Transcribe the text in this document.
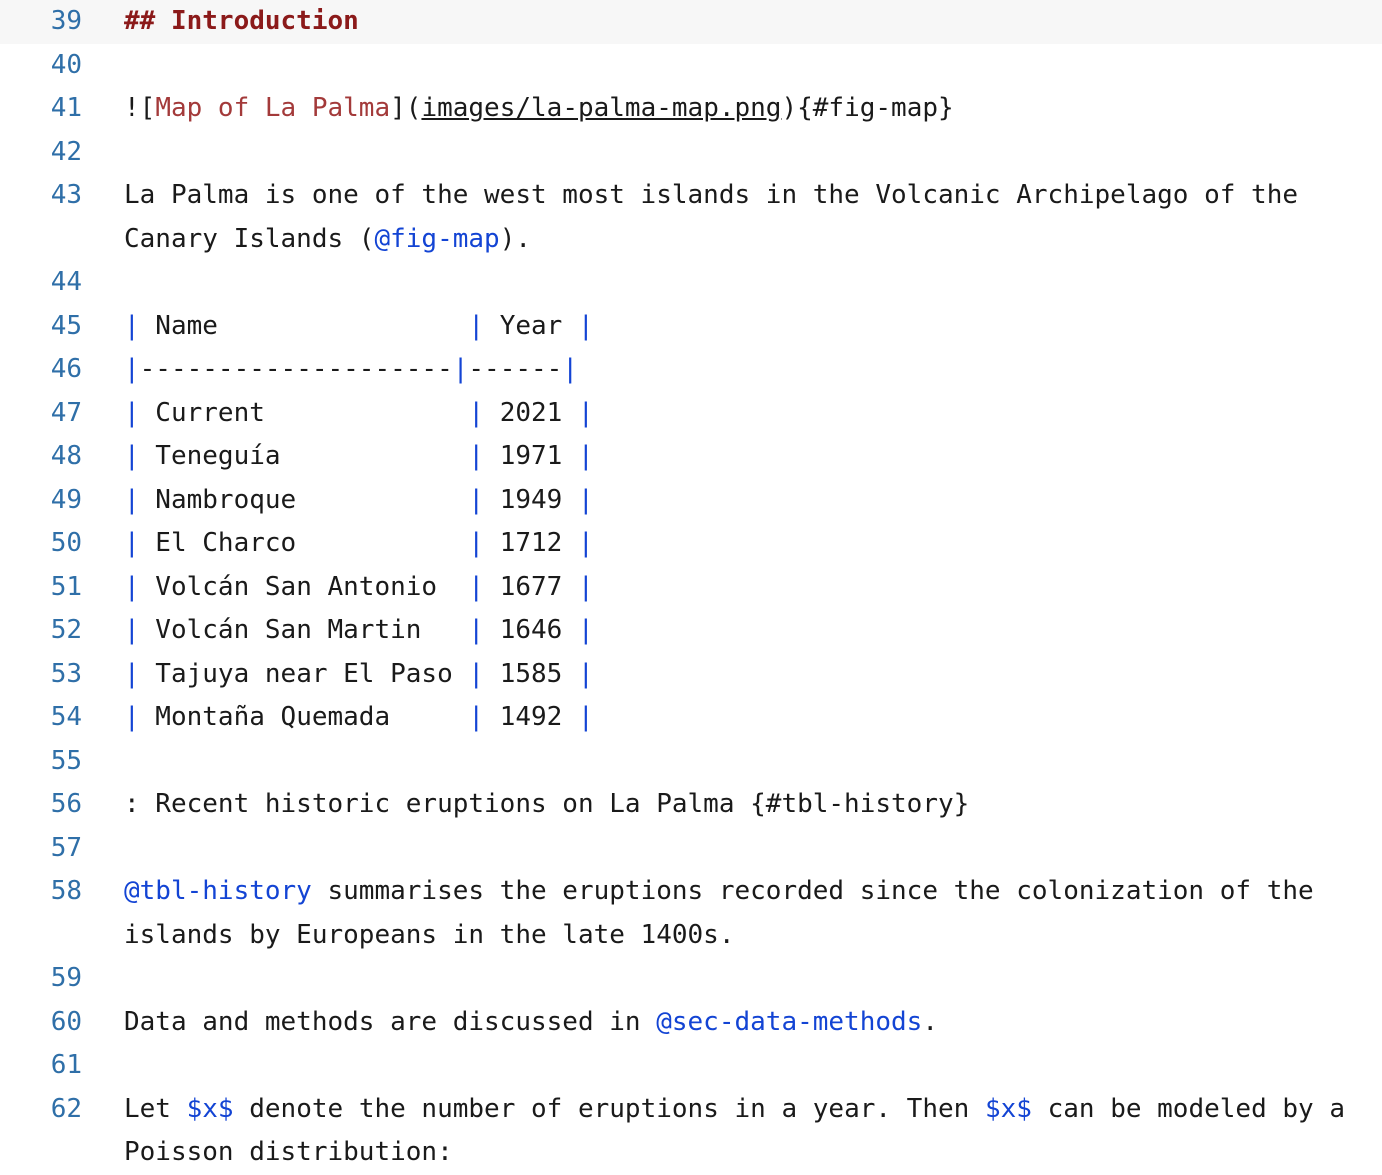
39	## Introduction
40
41	![Map of La Palma](images/la-palma-map.png){#fig-map}
42
43	La Palma is one of the west most islands in the Volcanic Archipelago of the Canary Islands (@fig-map).
44
45	| Name                | Year |
46	|--------------------|------|
47	| Current             | 2021 |
48	| Teneguía            | 1971 |
49	| Nambroque           | 1949 |
50	| El Charco           | 1712 |
51	| Volcán San Antonio  | 1677 |
52	| Volcán San Martin   | 1646 |
53	| Tajuya near El Paso | 1585 |
54	| Montaña Quemada     | 1492 |
55
56	: Recent historic eruptions on La Palma {#tbl-history}
57
58	@tbl-history summarises the eruptions recorded since the colonization of the islands by Europeans in the late 1400s.
59
60	Data and methods are discussed in @sec-data-methods.
61
62	Let $x$ denote the number of eruptions in a year. Then $x$ can be modeled by a Poisson distribution:
